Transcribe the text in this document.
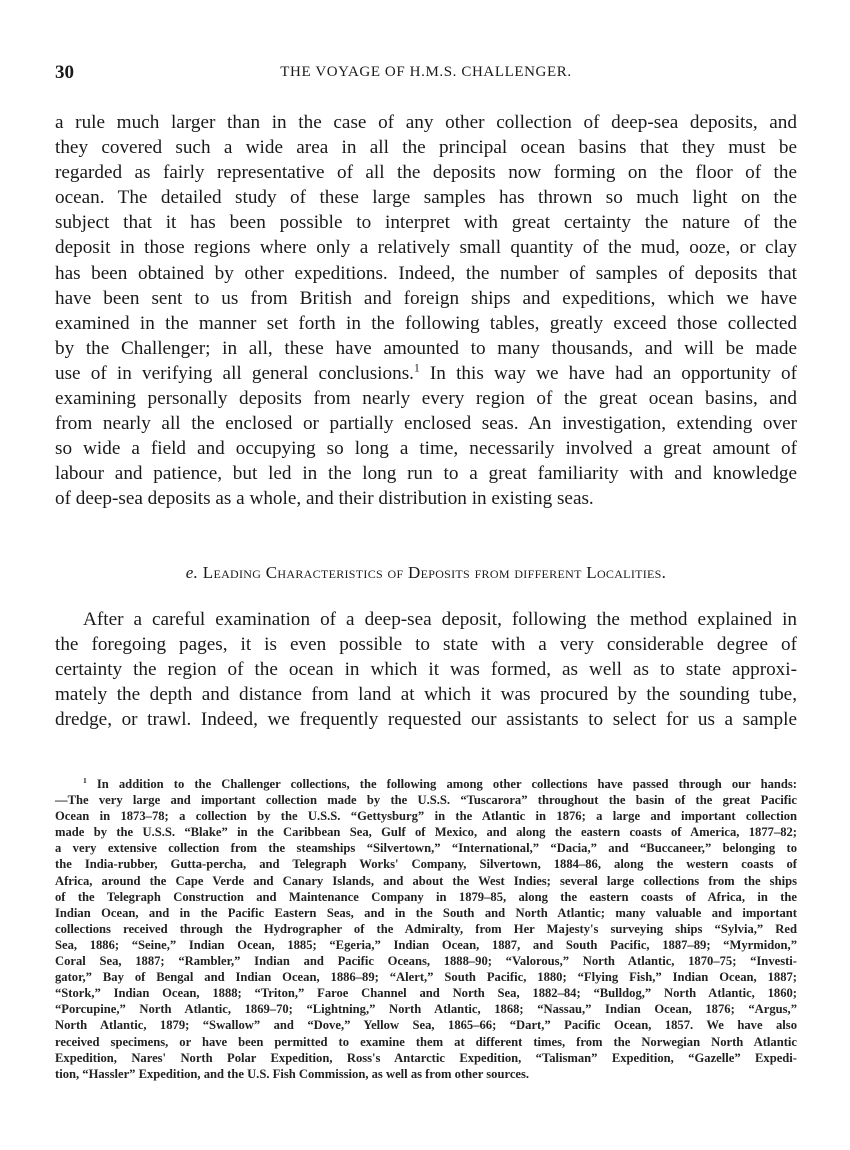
30	THE VOYAGE OF H.M.S. CHALLENGER.
a rule much larger than in the case of any other collection of deep-sea deposits, and
they covered such a wide area in all the principal ocean basins that they must be
regarded as fairly representative of all the deposits now forming on the floor of the
ocean. The detailed study of these large samples has thrown so much light on the
subject that it has been possible to interpret with great certainty the nature of the
deposit in those regions where only a relatively small quantity of the mud, ooze, or clay
has been obtained by other expeditions. Indeed, the number of samples of deposits that
have been sent to us from British and foreign ships and expeditions, which we have
examined in the manner set forth in the following tables, greatly exceed those collected
by the Challenger; in all, these have amounted to many thousands, and will be made
use of in verifying all general conclusions.$^1$ In this way we have had an opportunity of
examining personally deposits from nearly every region of the great ocean basins, and
from nearly all the enclosed or partially enclosed seas. An investigation, extending over
so wide a field and occupying so long a time, necessarily involved a great amount of
labour and patience, but led in the long run to a great familiarity with and knowledge
of deep-sea deposits as a whole, and their distribution in existing seas.
e. Leading Characteristics of Deposits from different Localities.
After a careful examination of a deep-sea deposit, following the method explained in
the foregoing pages, it is even possible to state with a very considerable degree of
certainty the region of the ocean in which it was formed, as well as to state approxi-
mately the depth and distance from land at which it was procured by the sounding tube,
dredge, or trawl. Indeed, we frequently requested our assistants to select for us a sample
$^1$ In addition to the Challenger collections, the following among other collections have passed through our hands:
—The very large and important collection made by the U.S.S. “Tuscarora” throughout the basin of the great Pacific
Ocean in 1873–78; a collection by the U.S.S. “Gettysburg” in the Atlantic in 1876; a large and important collection
made by the U.S.S. “Blake” in the Caribbean Sea, Gulf of Mexico, and along the eastern coasts of America, 1877–82;
a very extensive collection from the steamships “Silvertown,” “International,” “Dacia,” and “Buccaneer,” belonging to
the India-rubber, Gutta-percha, and Telegraph Works' Company, Silvertown, 1884–86, along the western coasts of
Africa, around the Cape Verde and Canary Islands, and about the West Indies; several large collections from the ships
of the Telegraph Construction and Maintenance Company in 1879–85, along the eastern coasts of Africa, in the
Indian Ocean, and in the Pacific Eastern Seas, and in the South and North Atlantic; many valuable and important
collections received through the Hydrographer of the Admiralty, from Her Majesty's surveying ships “Sylvia,” Red
Sea, 1886; “Seine,” Indian Ocean, 1885; “Egeria,” Indian Ocean, 1887, and South Pacific, 1887–89; “Myrmidon,”
Coral Sea, 1887; “Rambler,” Indian and Pacific Oceans, 1888–90; “Valorous,” North Atlantic, 1870–75; “Investi-
gator,” Bay of Bengal and Indian Ocean, 1886–89; “Alert,” South Pacific, 1880; “Flying Fish,” Indian Ocean, 1887;
“Stork,” Indian Ocean, 1888; “Triton,” Faroe Channel and North Sea, 1882–84; “Bulldog,” North Atlantic, 1860;
“Porcupine,” North Atlantic, 1869–70; “Lightning,” North Atlantic, 1868; “Nassau,” Indian Ocean, 1876; “Argus,”
North Atlantic, 1879; “Swallow” and “Dove,” Yellow Sea, 1865–66; “Dart,” Pacific Ocean, 1857. We have also
received specimens, or have been permitted to examine them at different times, from the Norwegian North Atlantic
Expedition, Nares' North Polar Expedition, Ross's Antarctic Expedition, “Talisman” Expedition, “Gazelle” Expedi-
tion, “Hassler” Expedition, and the U.S. Fish Commission, as well as from other sources.
